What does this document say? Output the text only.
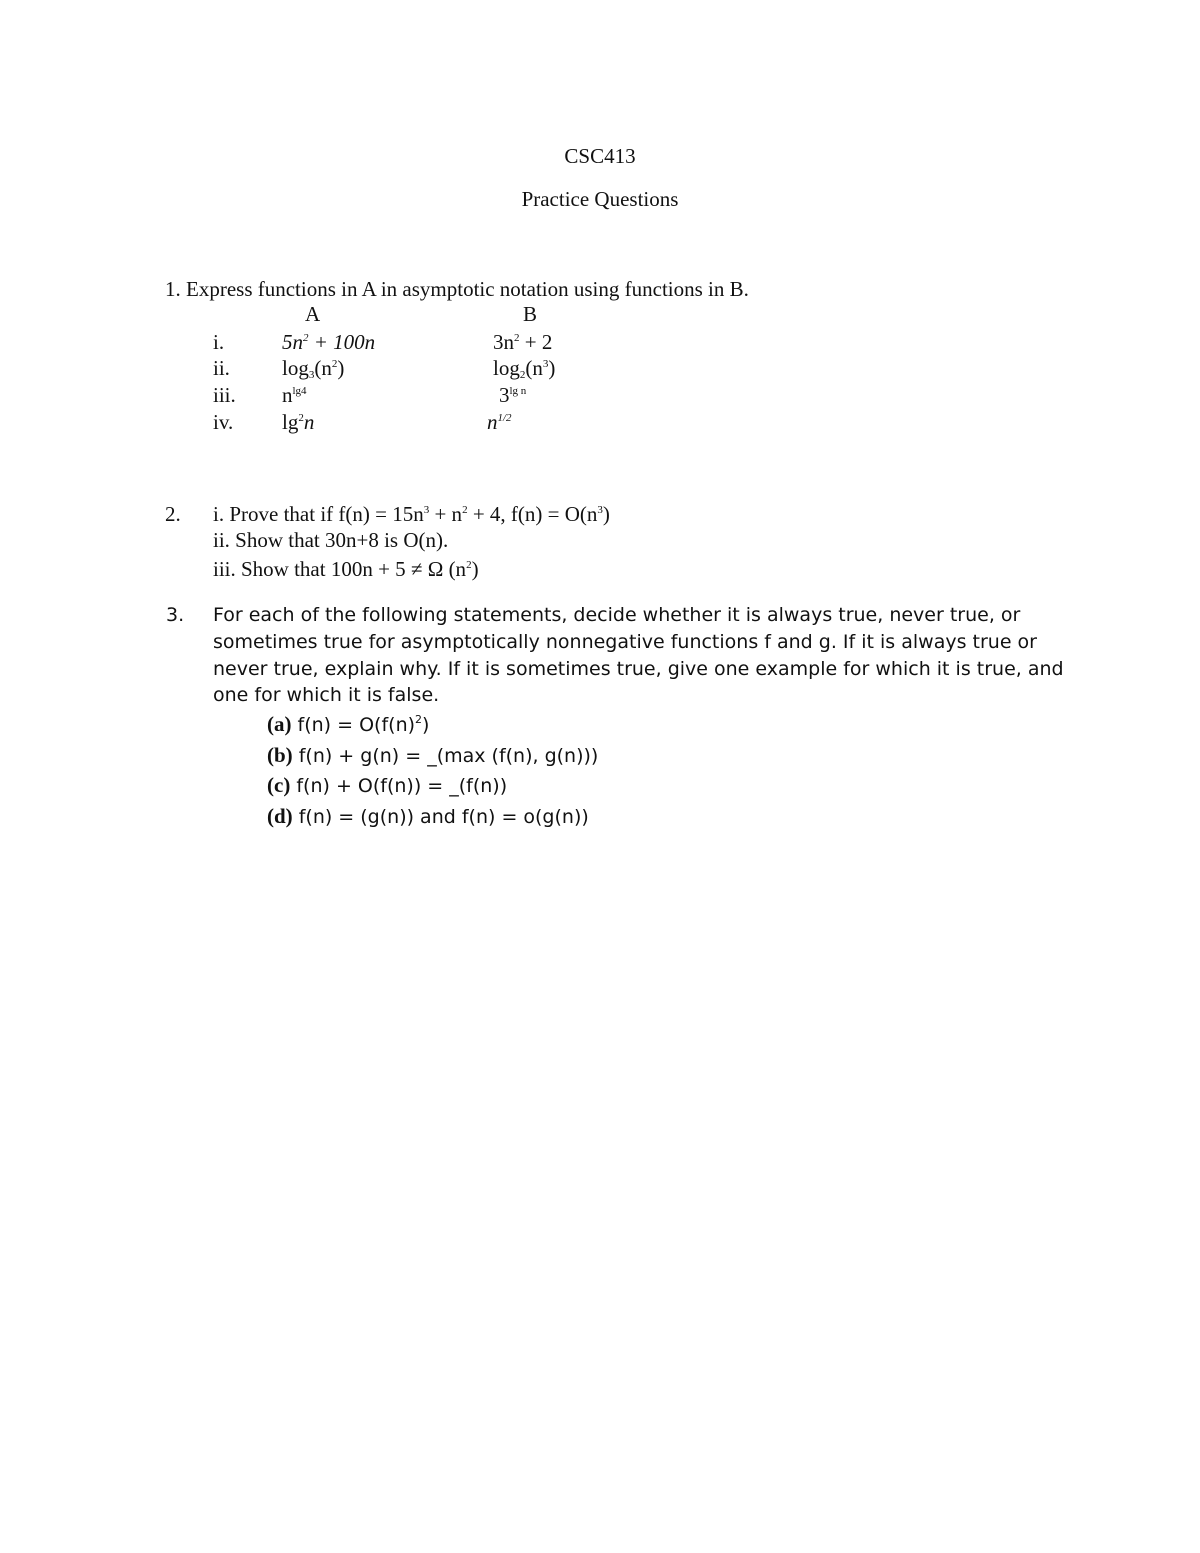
CSC413
Practice Questions
1. Express functions in A in asymptotic notation using functions in B.
A	B
i.	$5n^2 + 100n$	$3n^2 + 2$
ii. $\log_3(n^2)$	$\log_2(n^3)$
iii. $n^{lg4}$	$3^{lg n}$
iv. $\lg^2n$	$n^{1/2}$
2. i. Prove that if $f(n) = 15n^3 + n^2 + 4$, $f(n) = O(n^3)$
ii. Show that 30n+8 is O(n).
iii. Show that 100n + 5 ≠ Ω $(n^2)$
3. For each of the following statements, decide whether it is always true, never true, or
sometimes true for asymptotically nonnegative functions f and g. If it is always true or
never true, explain why. If it is sometimes true, give one example for which it is true, and
one for which it is false.
(a) $f(n) = O(f(n)^2)$
(b) f(n) + g(n) = _(max (f(n), g(n)))
(c) f(n) + O(f(n)) = _(f(n))
(d) f(n) = (g(n)) and f(n) = o(g(n))
